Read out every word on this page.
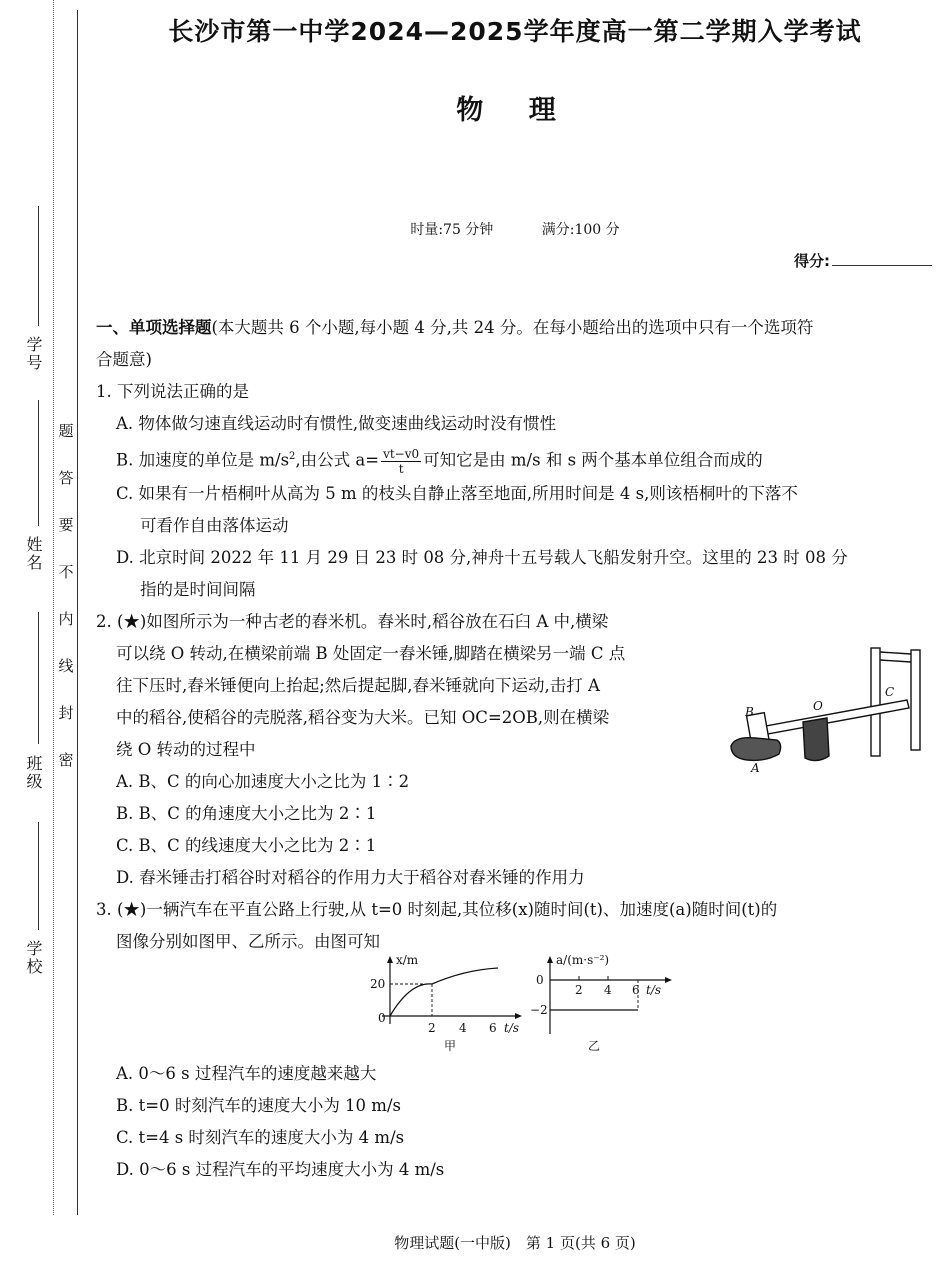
学校
班级
姓名
学号
题
答
要
不
内
线
封
密
长沙市第一中学2024—2025学年度高一第二学期入学考试
物 理
时量:75 分钟	满分:100 分
得分:
一、单项选择题(本大题共 6 个小题,每小题 4 分,共 24 分。在每小题给出的选项中只有一个选项符
合题意)
1. 下列说法正确的是
A. 物体做匀速直线运动时有惯性,做变速曲线运动时没有惯性
B. 加速度的单位是 $m/s^2$,由公式 $a= \frac{vt-v0}{t}$ 可知它是由 m/s 和 s 两个基本单位组合而成的
C. 如果有一片梧桐叶从高为 5 m 的枝头自静止落至地面,所用时间是 4 s,则该梧桐叶的下落不
可看作自由落体运动
D. 北京时间 2022 年 11 月 29 日 23 时 08 分,神舟十五号载人飞船发射升空。这里的 23 时 08 分
指的是时间间隔
2. (★)如图所示为一种古老的舂米机。舂米时,稻谷放在石臼 A 中,横梁
可以绕 O 转动,在横梁前端 B 处固定一舂米锤,脚踏在横梁另一端 C 点
往下压时,舂米锤便向上抬起;然后提起脚,舂米锤就向下运动,击打 A
中的稻谷,使稻谷的壳脱落,稻谷变为大米。已知 OC=2OB,则在横梁
绕 O 转动的过程中
A. B、C 的向心加速度大小之比为 1∶2
B. B、C 的角速度大小之比为 2∶1
C. B、C 的线速度大小之比为 2∶1
D. 舂米锤击打稻谷时对稻谷的作用力大于稻谷对舂米锤的作用力
3. (★)一辆汽车在平直公路上行驶,从 t=0 时刻起,其位移(x)随时间(t)、加速度(a)随时间(t)的
图像分别如图甲、乙所示。由图可知
x/m
20
0
2 4 6 t/s
甲
a/(m·s⁻²)
0
−2
2 4 6 t/s
乙
A. 0～6 s 过程汽车的速度越来越大
B. t=0 时刻汽车的速度大小为 10 m/s
C. t=4 s 时刻汽车的速度大小为 4 m/s
D. 0～6 s 过程汽车的平均速度大小为 4 m/s
B	O
C
A
物理试题(一中版)　第 1 页(共 6 页)
